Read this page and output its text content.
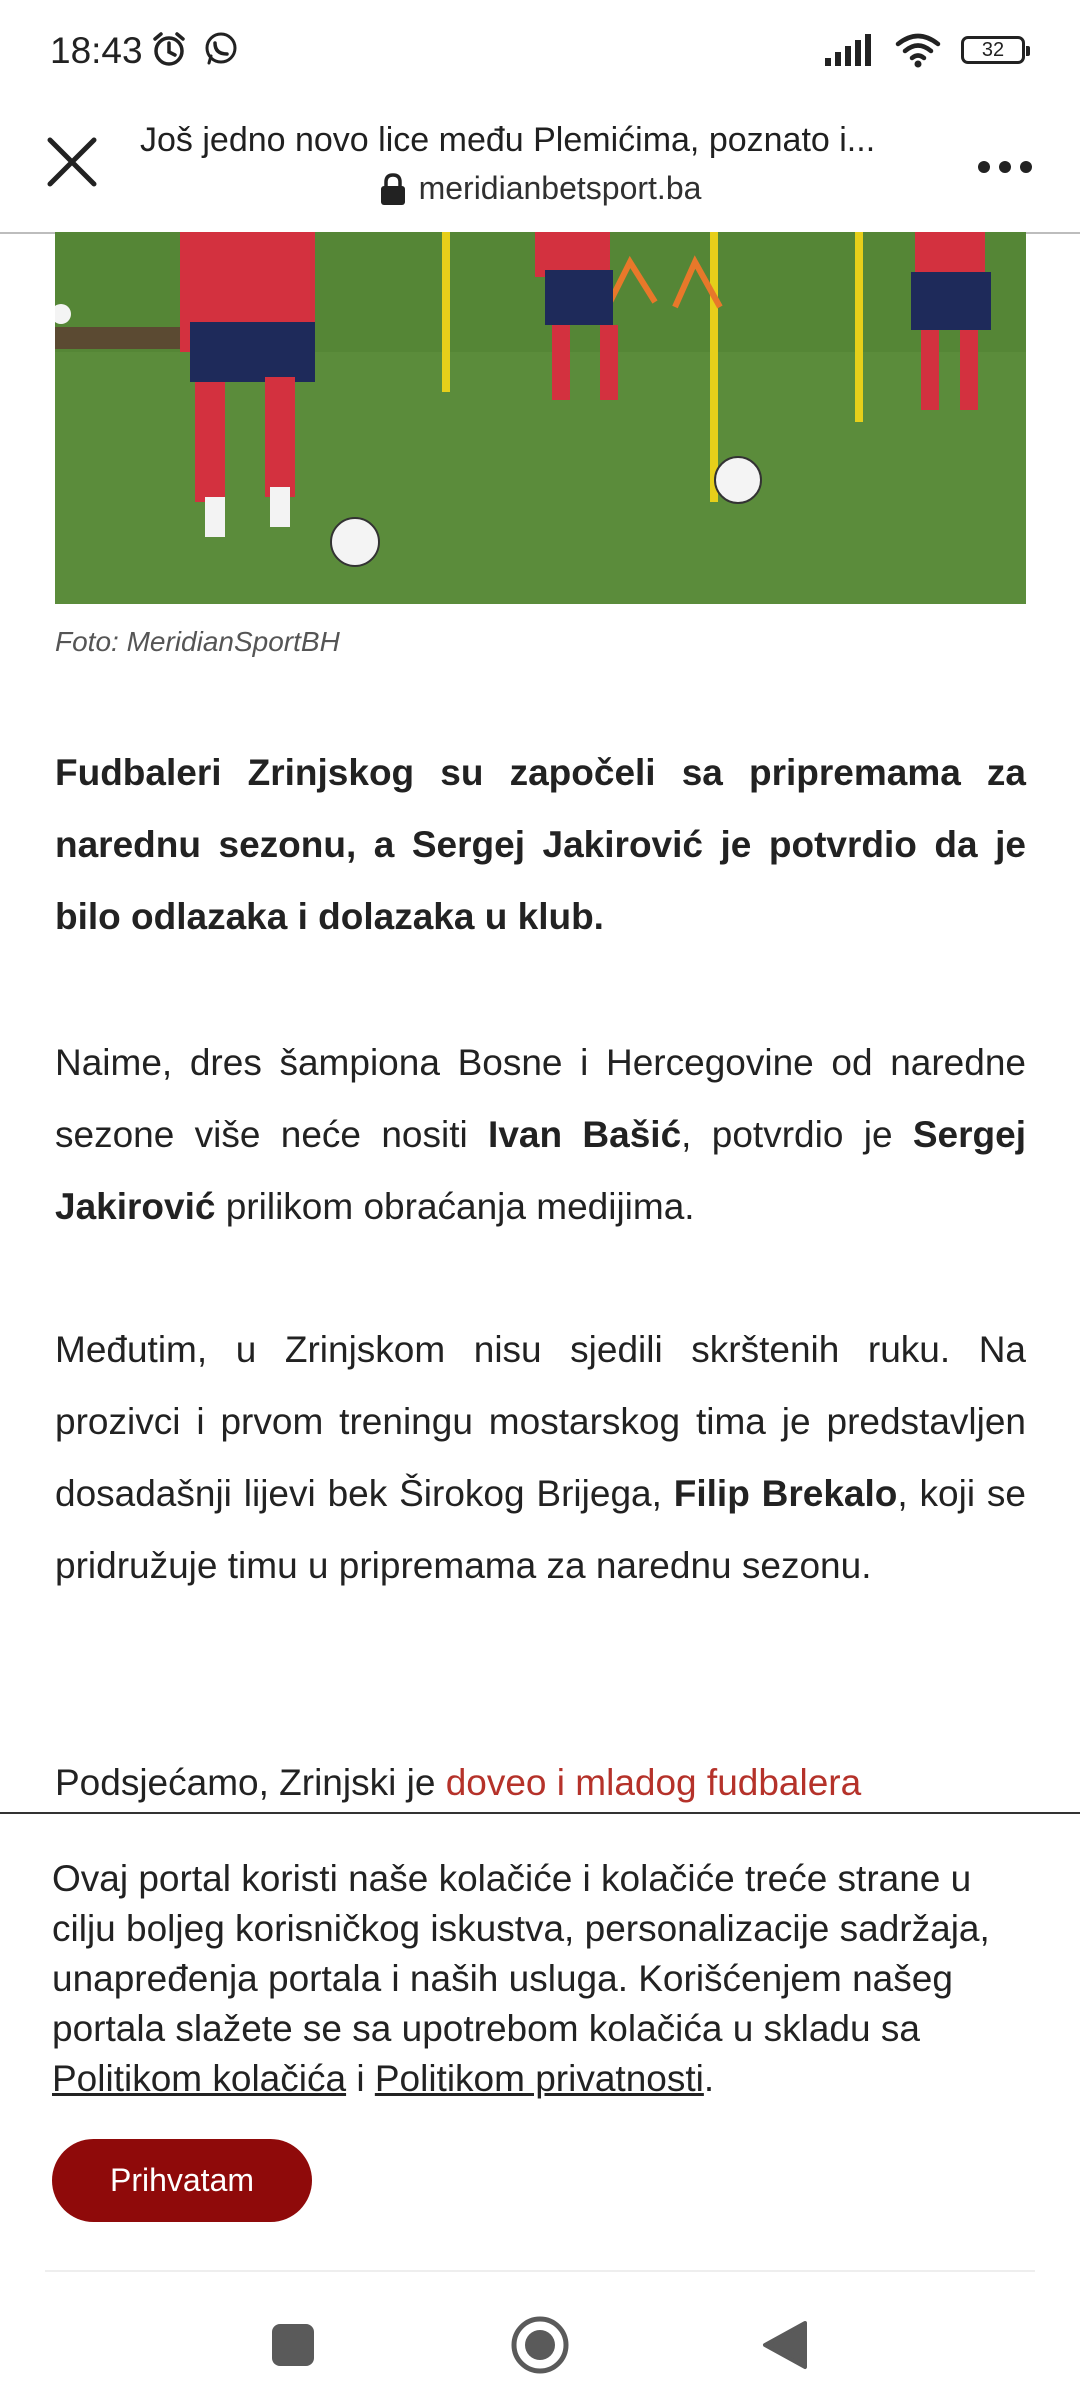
18:43	32
Još jedno novo lice među Plemićima, poznato i...
meridianbetsport.ba
Foto: MeridianSportBH

Fudbaleri Zrinjskog su započeli sa pripremama za narednu sezonu, a Sergej Jakirović je potvrdio da je bilo odlazaka i dolazaka u klub.

Naime, dres šampiona Bosne i Hercegovine od naredne sezone više neće nositi Ivan Bašić, potvrdio je Sergej Jakirović prilikom obraćanja medijima.

Međutim, u Zrinjskom nisu sjedili skrštenih ruku. Na prozivci i prvom treningu mostarskog tima je predstavljen dosadašnji lijevi bek Širokog Brijega, Filip Brekalo, koji se pridružuje timu u pripremama za narednu sezonu.

Podsjećamo, Zrinjski je doveo i mladog fudbalera

Ovaj portal koristi naše kolačiće i kolačiće treće strane u cilju boljeg korisničkog iskustva, personalizacije sadržaja, unapređenja portala i naših usluga. Korišćenjem našeg portala slažete se sa upotrebom kolačića u skladu sa Politikom kolačića i Politikom privatnosti.

Prihvatam
